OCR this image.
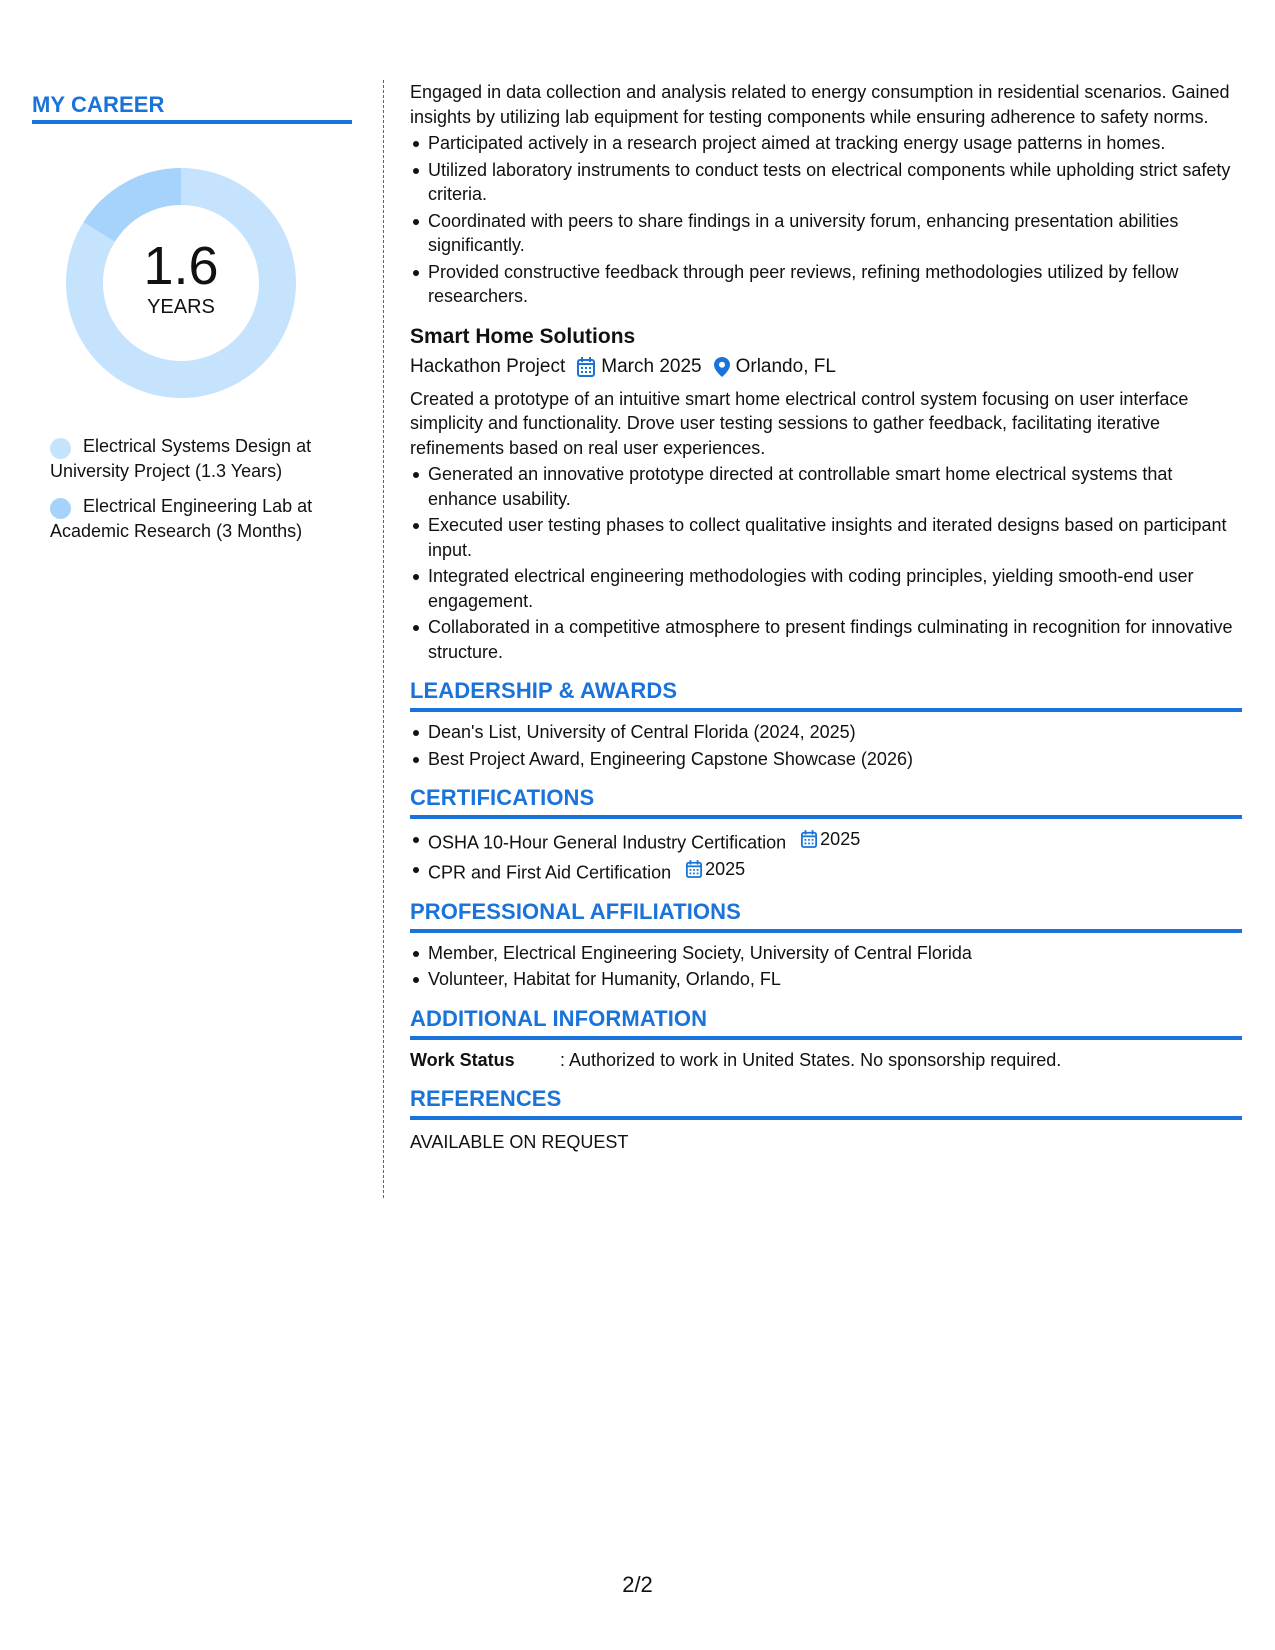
MY CAREER
1.6
YEARS
Electrical Systems Design at University Project (1.3 Years)
Electrical Engineering Lab at Academic Research (3 Months)

Engaged in data collection and analysis related to energy consumption in residential scenarios. Gained insights by utilizing lab equipment for testing components while ensuring adherence to safety norms.

Participated actively in a research project aimed at tracking energy usage patterns in homes.
Utilized laboratory instruments to conduct tests on electrical components while upholding strict safety criteria.
Coordinated with peers to share findings in a university forum, enhancing presentation abilities significantly.
Provided constructive feedback through peer reviews, refining methodologies utilized by fellow researchers.
Smart Home Solutions
Hackathon Project March 2025 Orlando, FL

Created a prototype of an intuitive smart home electrical control system focusing on user interface simplicity and functionality. Drove user testing sessions to gather feedback, facilitating iterative refinements based on real user experiences.

Generated an innovative prototype directed at controllable smart home electrical systems that enhance usability.
Executed user testing phases to collect qualitative insights and iterated designs based on participant input.
Integrated electrical engineering methodologies with coding principles, yielding smooth-end user engagement.
Collaborated in a competitive atmosphere to present findings culminating in recognition for innovative structure.
LEADERSHIP & AWARDS
Dean's List, University of Central Florida (2024, 2025)
Best Project Award, Engineering Capstone Showcase (2026)
CERTIFICATIONS
OSHA 10-Hour General Industry Certification 2025
CPR and First Aid Certification 2025
PROFESSIONAL AFFILIATIONS
Member, Electrical Engineering Society, University of Central Florida
Volunteer, Habitat for Humanity, Orlando, FL
ADDITIONAL INFORMATION
Work Status	: Authorized to work in United States. No sponsorship required.
REFERENCES
AVAILABLE ON REQUEST
2/2
